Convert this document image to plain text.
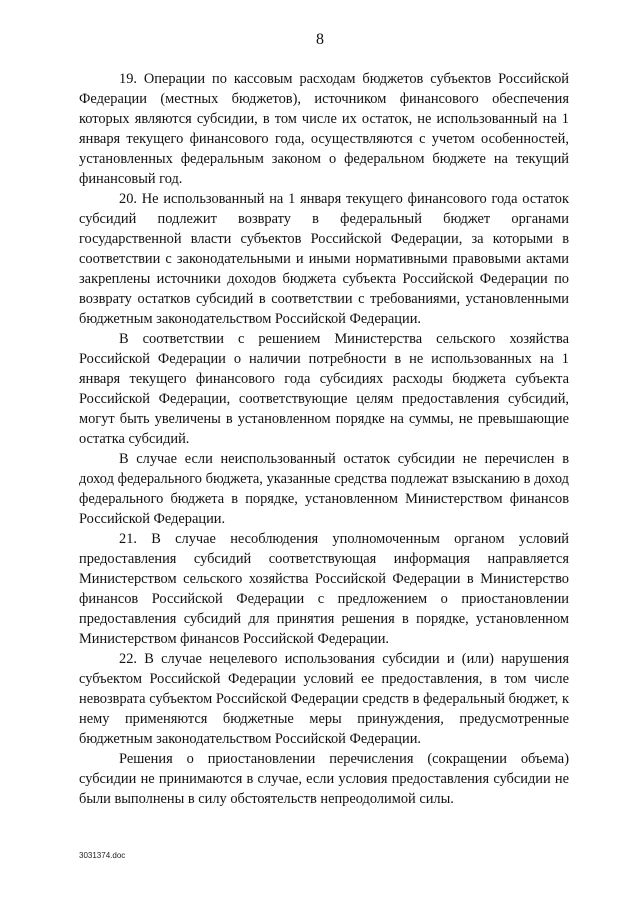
8

19. Операции по кассовым расходам бюджетов субъектов Российской Федерации (местных бюджетов), источником финансового обеспечения которых являются субсидии, в том числе их остаток, не использованный на 1 января текущего финансового года, осуществляются с учетом особенностей, установленных федеральным законом о федеральном бюджете на текущий финансовый год.

20. Не использованный на 1 января текущего финансового года остаток субсидий подлежит возврату в федеральный бюджет органами государственной власти субъектов Российской Федерации, за которыми в соответствии с законодательными и иными нормативными правовыми актами закреплены источники доходов бюджета субъекта Российской Федерации по возврату остатков субсидий в соответствии с требованиями, установленными бюджетным законодательством Российской Федерации.

В соответствии с решением Министерства сельского хозяйства Российской Федерации о наличии потребности в не использованных на 1 января текущего финансового года субсидиях расходы бюджета субъекта Российской Федерации, соответствующие целям предоставления субсидий, могут быть увеличены в установленном порядке на суммы, не превышающие остатка субсидий.

В случае если неиспользованный остаток субсидии не перечислен в доход федерального бюджета, указанные средства подлежат взысканию в доход федерального бюджета в порядке, установленном Министерством финансов Российской Федерации.

21. В случае несоблюдения уполномоченным органом условий предоставления субсидий соответствующая информация направляется Министерством сельского хозяйства Российской Федерации в Министерство финансов Российской Федерации с предложением о приостановлении предоставления субсидий для принятия решения в порядке, установленном Министерством финансов Российской Федерации.

22. В случае нецелевого использования субсидии и (или) нарушения субъектом Российской Федерации условий ее предоставления, в том числе невозврата субъектом Российской Федерации средств в федеральный бюджет, к нему применяются бюджетные меры принуждения, предусмотренные бюджетным законодательством Российской Федерации.

Решения о приостановлении перечисления (сокращении объема) субсидии не принимаются в случае, если условия предоставления субсидии не были выполнены в силу обстоятельств непреодолимой силы.

3031374.doc
